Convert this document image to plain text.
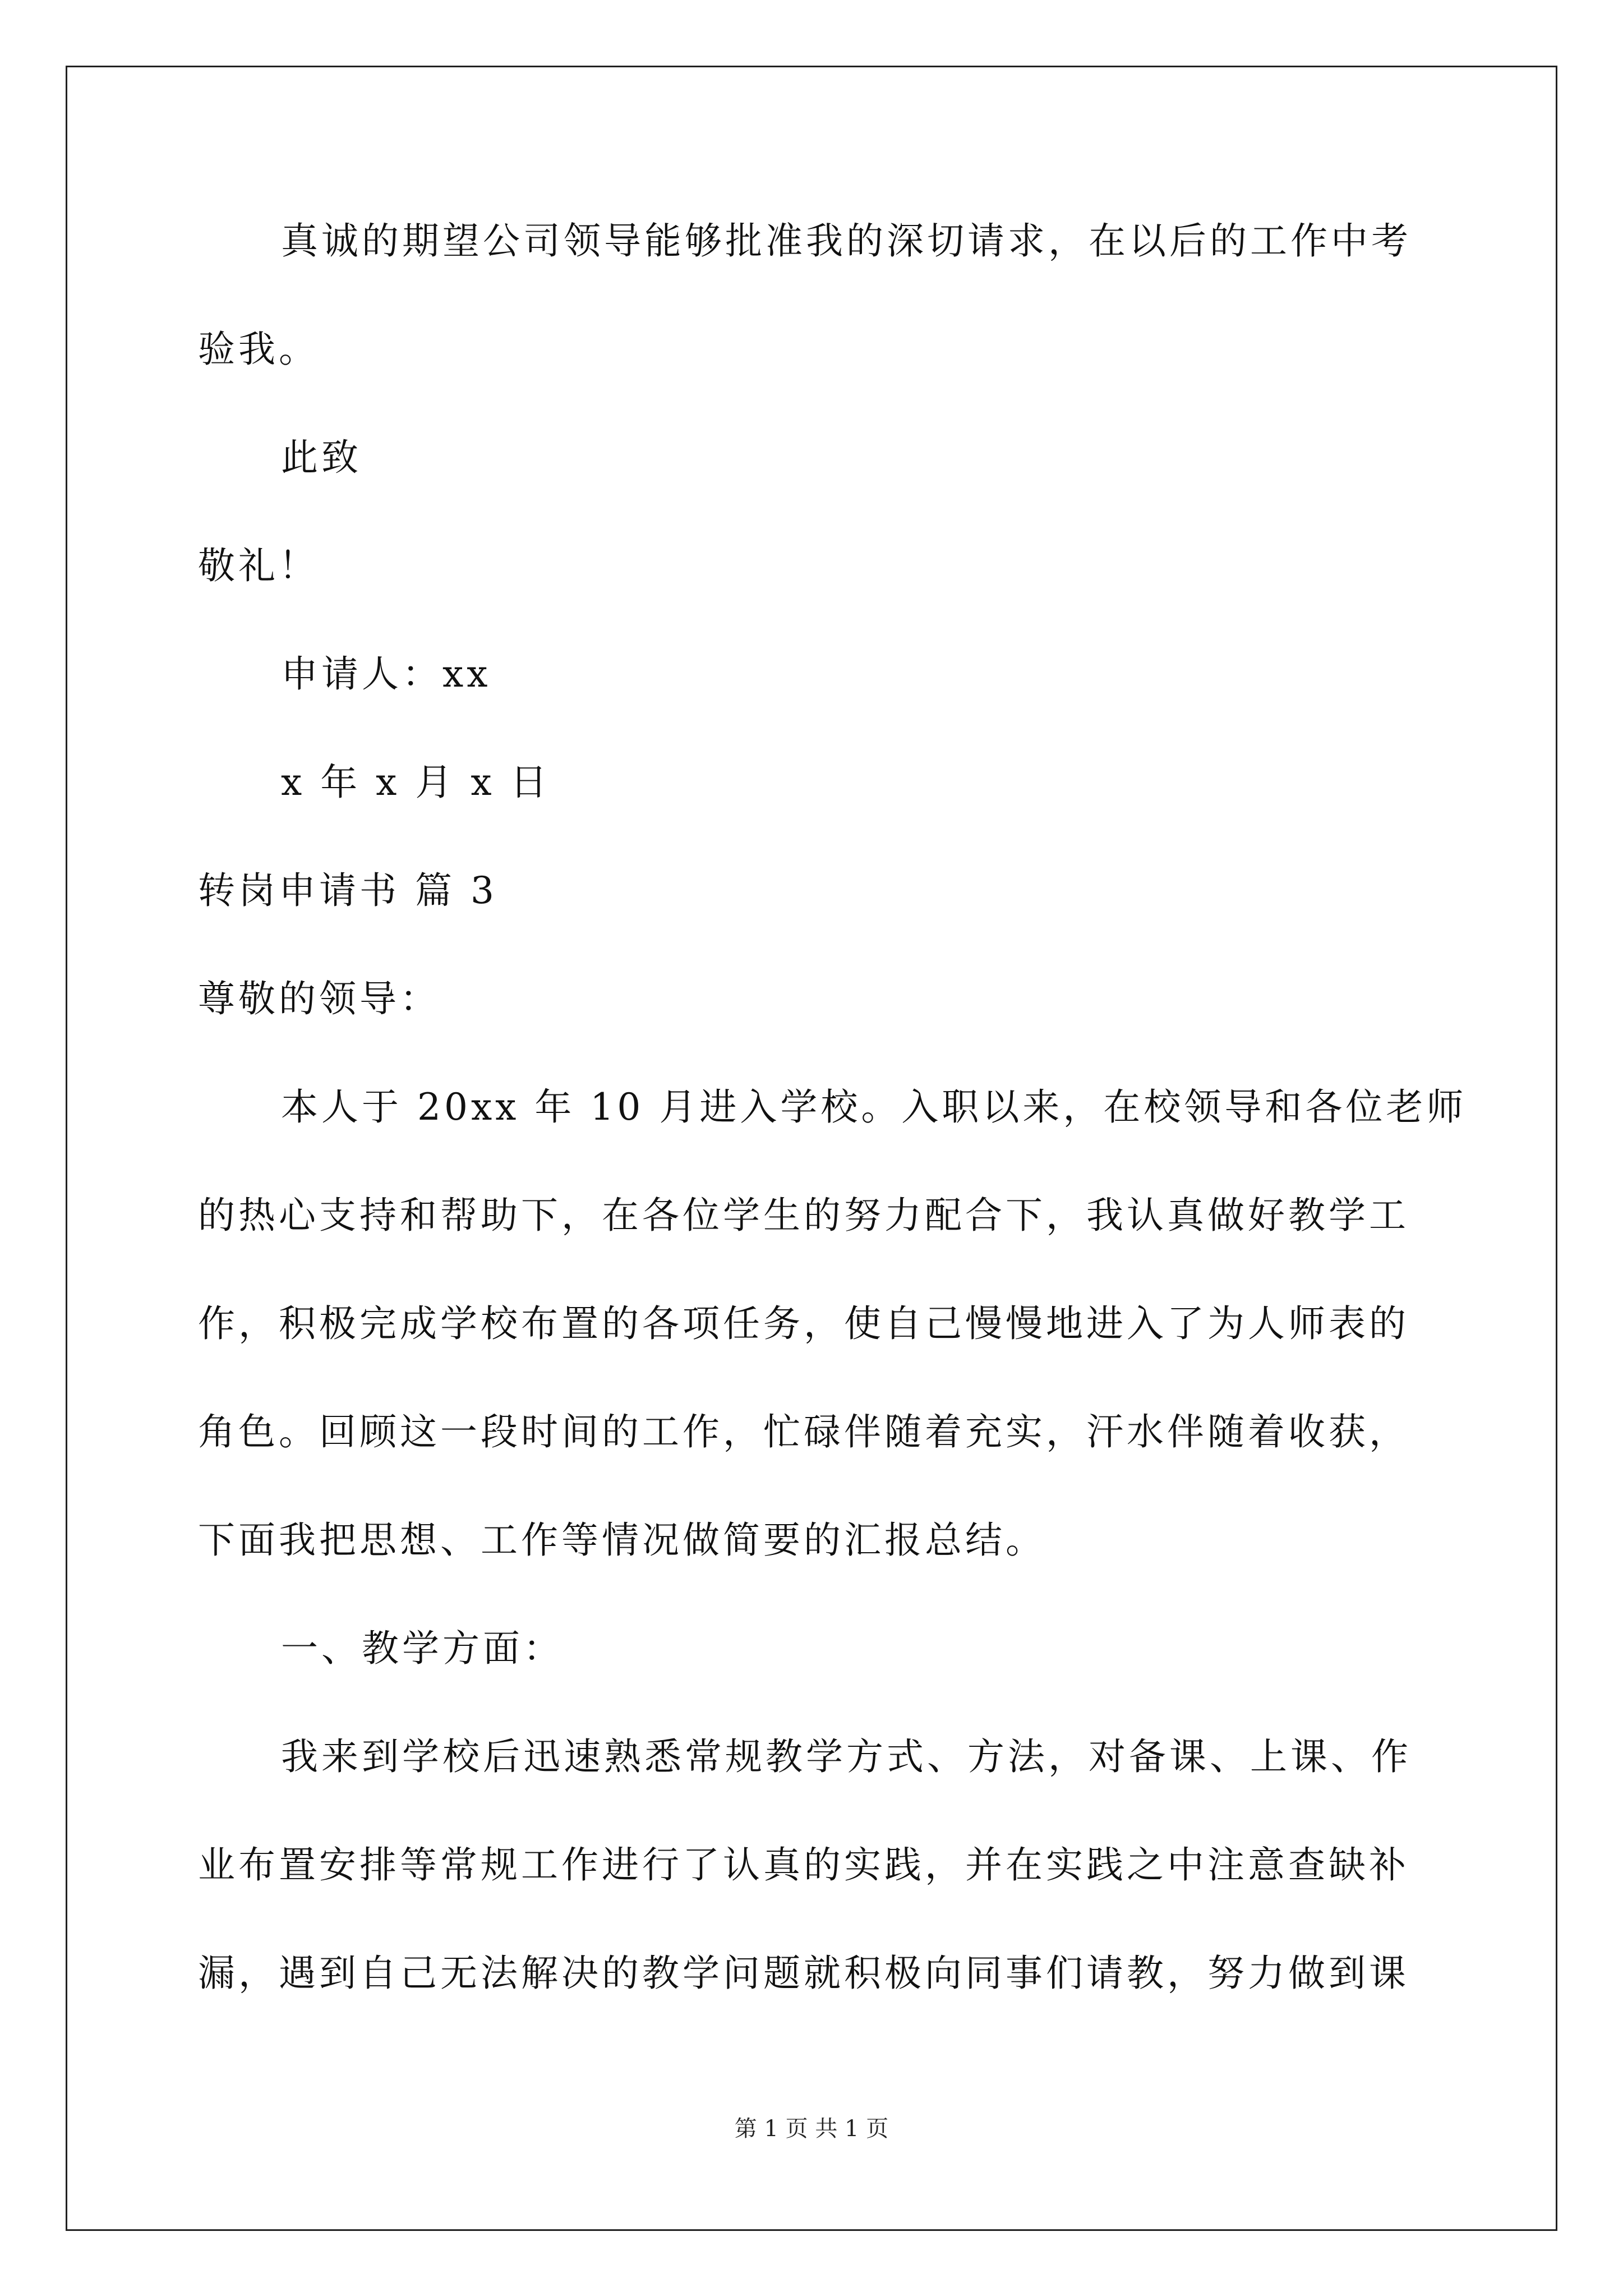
真诚的期望公司领导能够批准我的深切请求，在以后的工作中考
验我。
此致
敬礼！
申请人：xx
x 年 x 月 x 日
转岗申请书 篇 3
尊敬的领导：
本人于 20xx 年 10 月进入学校。入职以来，在校领导和各位老师
的热心支持和帮助下，在各位学生的努力配合下，我认真做好教学工
作，积极完成学校布置的各项任务，使自己慢慢地进入了为人师表的
角色。回顾这一段时间的工作，忙碌伴随着充实，汗水伴随着收获，
下面我把思想、工作等情况做简要的汇报总结。
一、教学方面：
我来到学校后迅速熟悉常规教学方式、方法，对备课、上课、作
业布置安排等常规工作进行了认真的实践，并在实践之中注意查缺补
漏，遇到自己无法解决的教学问题就积极向同事们请教，努力做到课
第 1 页 共 1 页
